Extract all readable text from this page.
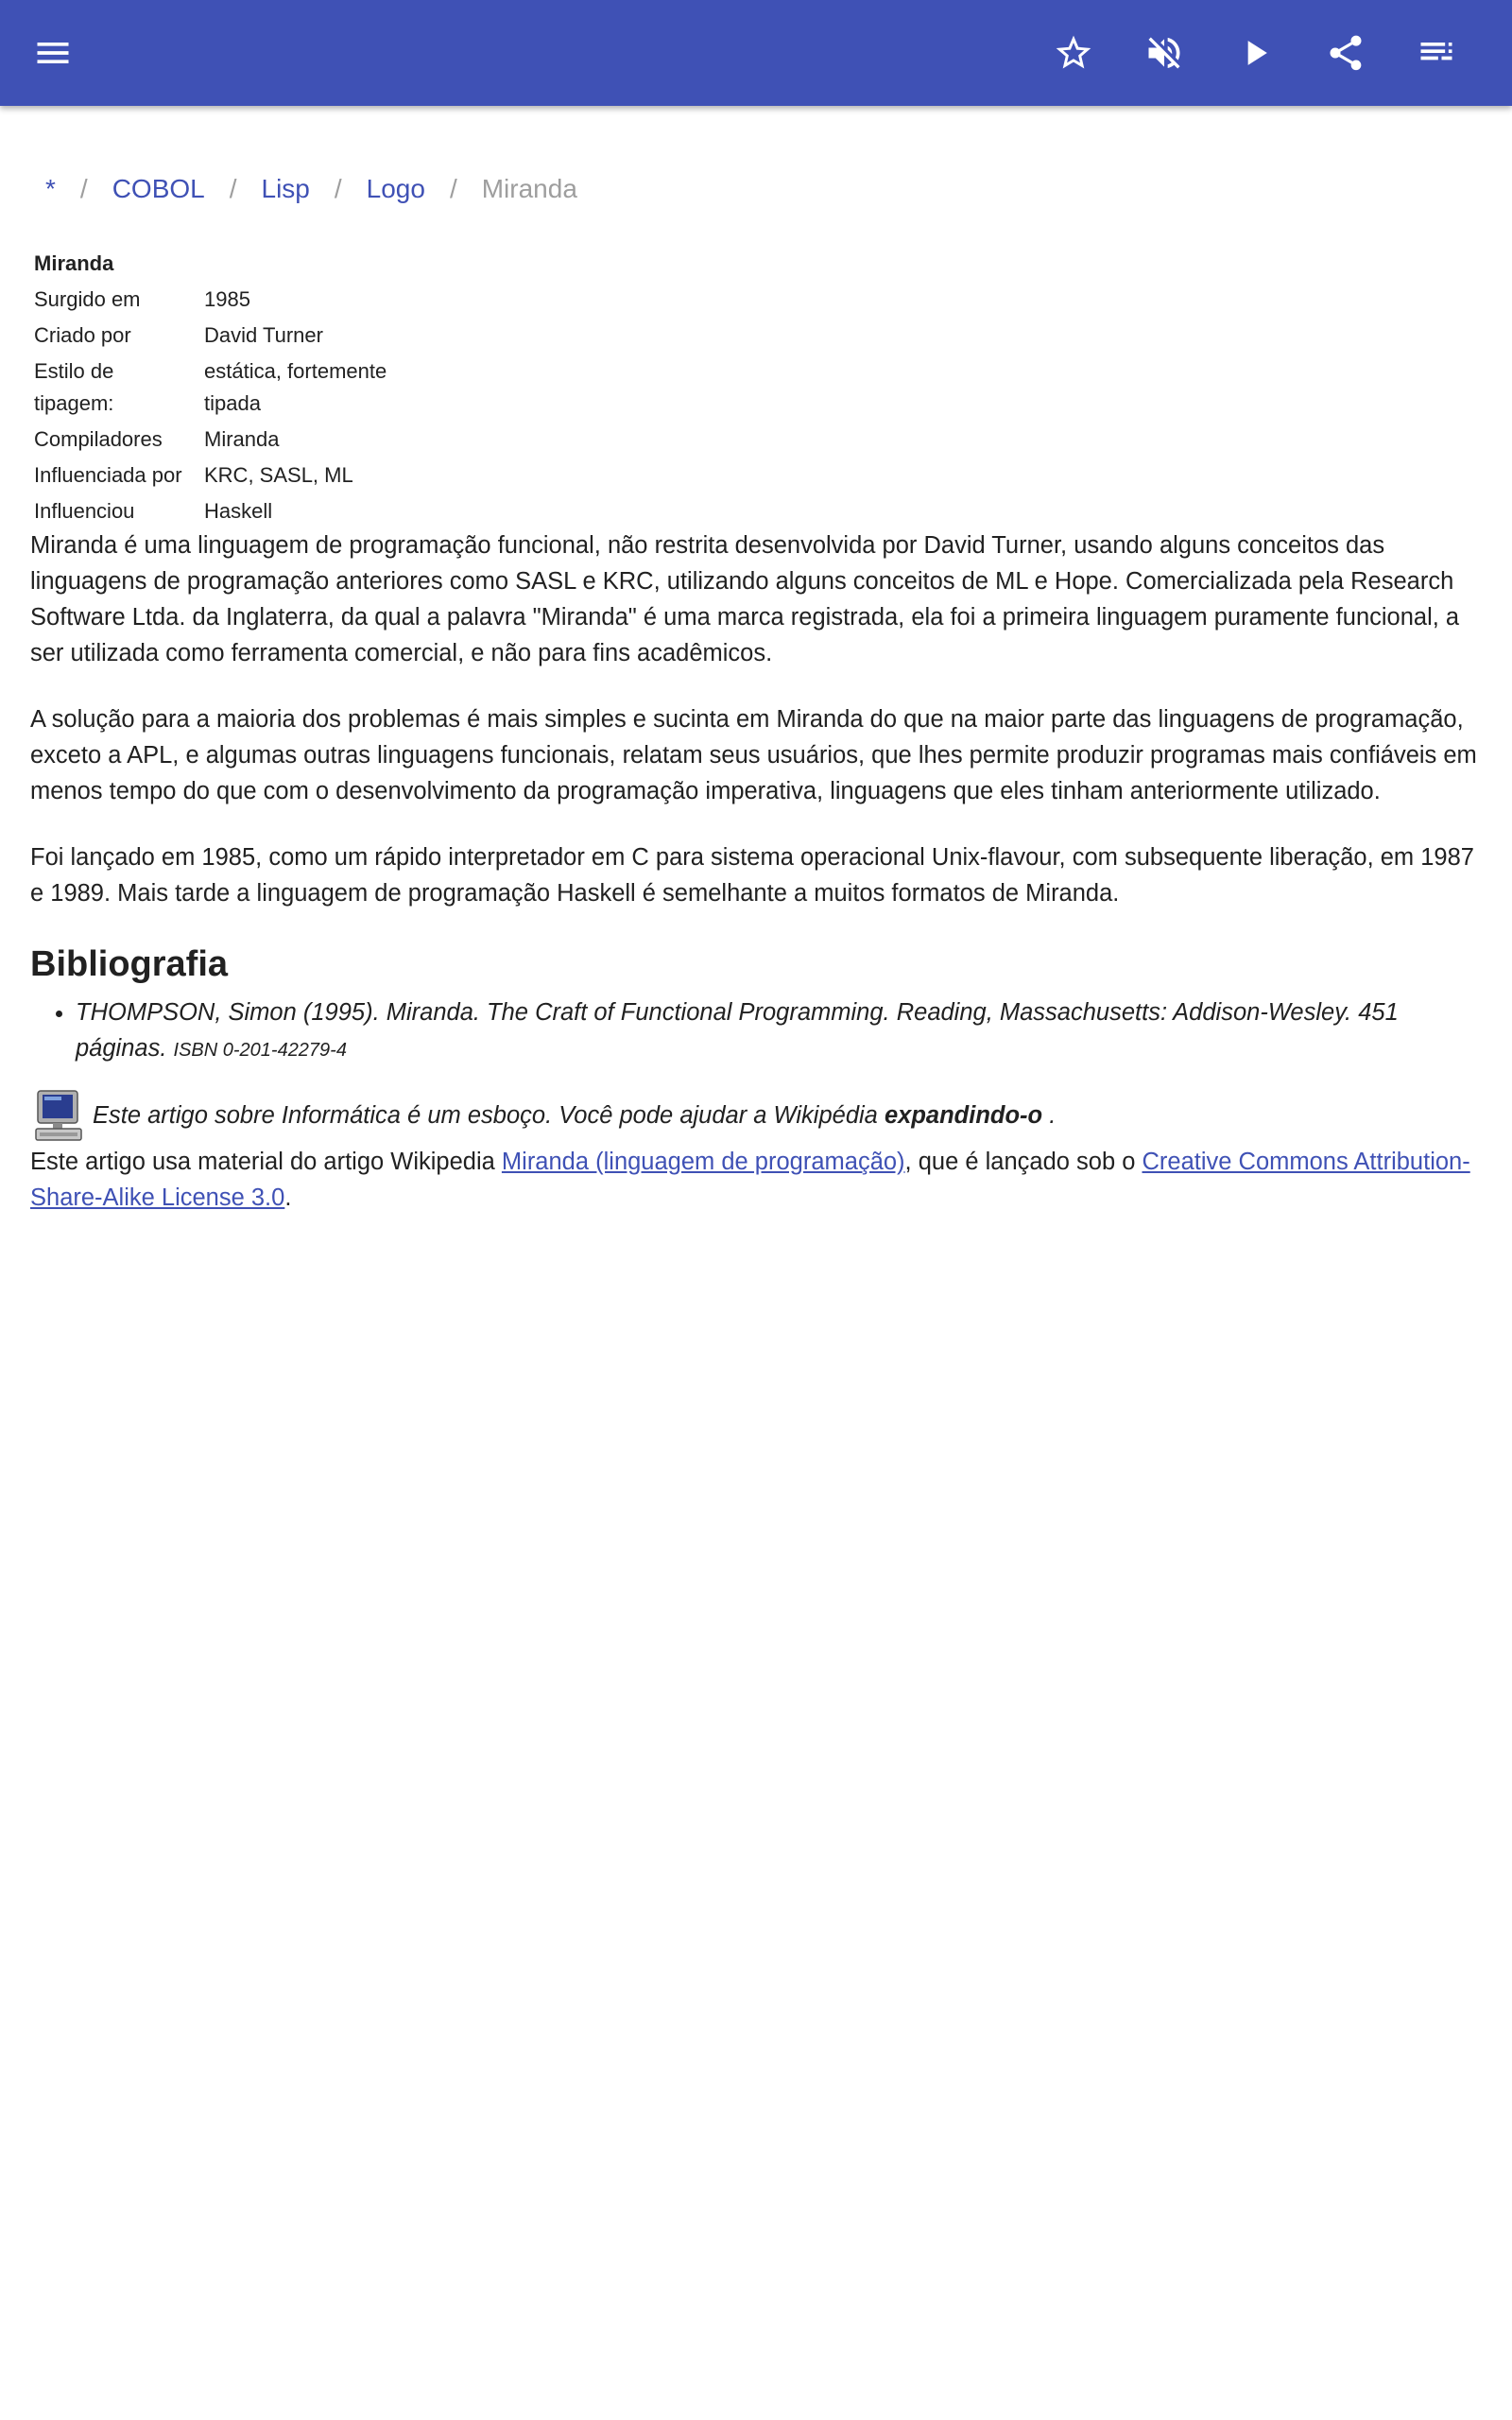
* / COBOL / Lisp / Logo / Miranda
Miranda	
Surgido em	1985
Criado por	David Turner
Estilo de tipagem:	estática, fortemente tipada
Compiladores	Miranda
Influenciada por	KRC, SASL, ML
Influenciou	Haskell

Miranda é uma linguagem de programação funcional, não restrita desenvolvida por David Turner, usando alguns conceitos das linguagens de programação anteriores como SASL e KRC, utilizando alguns conceitos de ML e Hope. Comercializada pela Research Software Ltda. da Inglaterra, da qual a palavra "Miranda" é uma marca registrada, ela foi a primeira linguagem puramente funcional, a ser utilizada como ferramenta comercial, e não para fins acadêmicos.

A solução para a maioria dos problemas é mais simples e sucinta em Miranda do que na maior parte das linguagens de programação, exceto a APL, e algumas outras linguagens funcionais, relatam seus usuários, que lhes permite produzir programas mais confiáveis em menos tempo do que com o desenvolvimento da programação imperativa, linguagens que eles tinham anteriormente utilizado.

Foi lançado em 1985, como um rápido interpretador em C para sistema operacional Unix-flavour, com subsequente liberação, em 1987 e 1989. Mais tarde a linguagem de programação Haskell é semelhante a muitos formatos de Miranda.

Bibliografia
• THOMPSON, Simon (1995). Miranda. The Craft of Functional Programming. Reading, Massachusetts: Addison-Wesley. 451 páginas. ISBN 0-201-42279-4
Este artigo sobre Informática é um esboço. Você pode ajudar a Wikipédia
expandindo-o
.

Este artigo usa material do artigo Wikipedia Miranda (linguagem de programação), que é lançado sob o Creative Commons Attribution-Share-Alike License 3.0.
